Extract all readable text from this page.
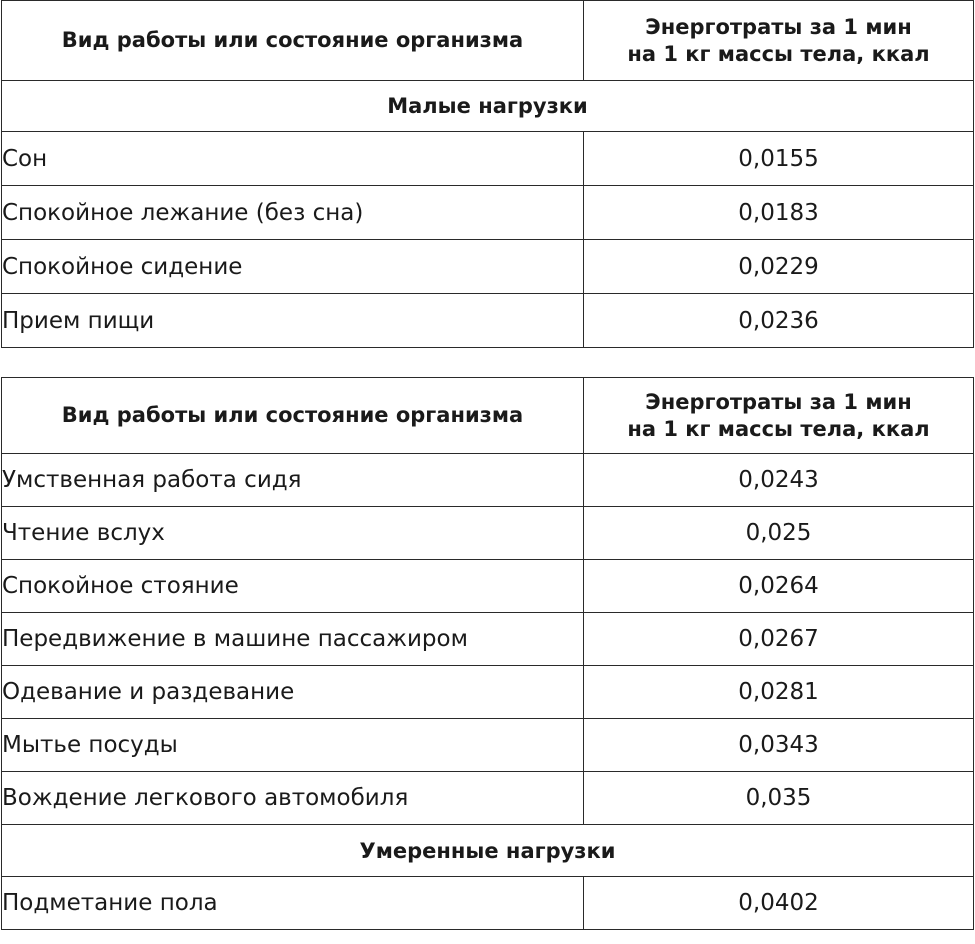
Вид работы или состояние организма	Энерготраты за 1 мин
на 1 кг массы тела, ккал
Малые нагрузки	
Сон	0,0155
Спокойное лежание (без сна)	0,0183
Спокойное сидение	0,0229
Прием пищи	0,0236
Вид работы или состояние организма	Энерготраты за 1 мин
на 1 кг массы тела, ккал
Умственная работа сидя	0,0243
Чтение вслух	0,025
Спокойное стояние	0,0264
Передвижение в машине пассажиром	0,0267
Одевание и раздевание	0,0281
Мытье посуды	0,0343
Вождение легкового автомобиля	0,035
Умеренные нагрузки	
Подметание пола	0,0402
